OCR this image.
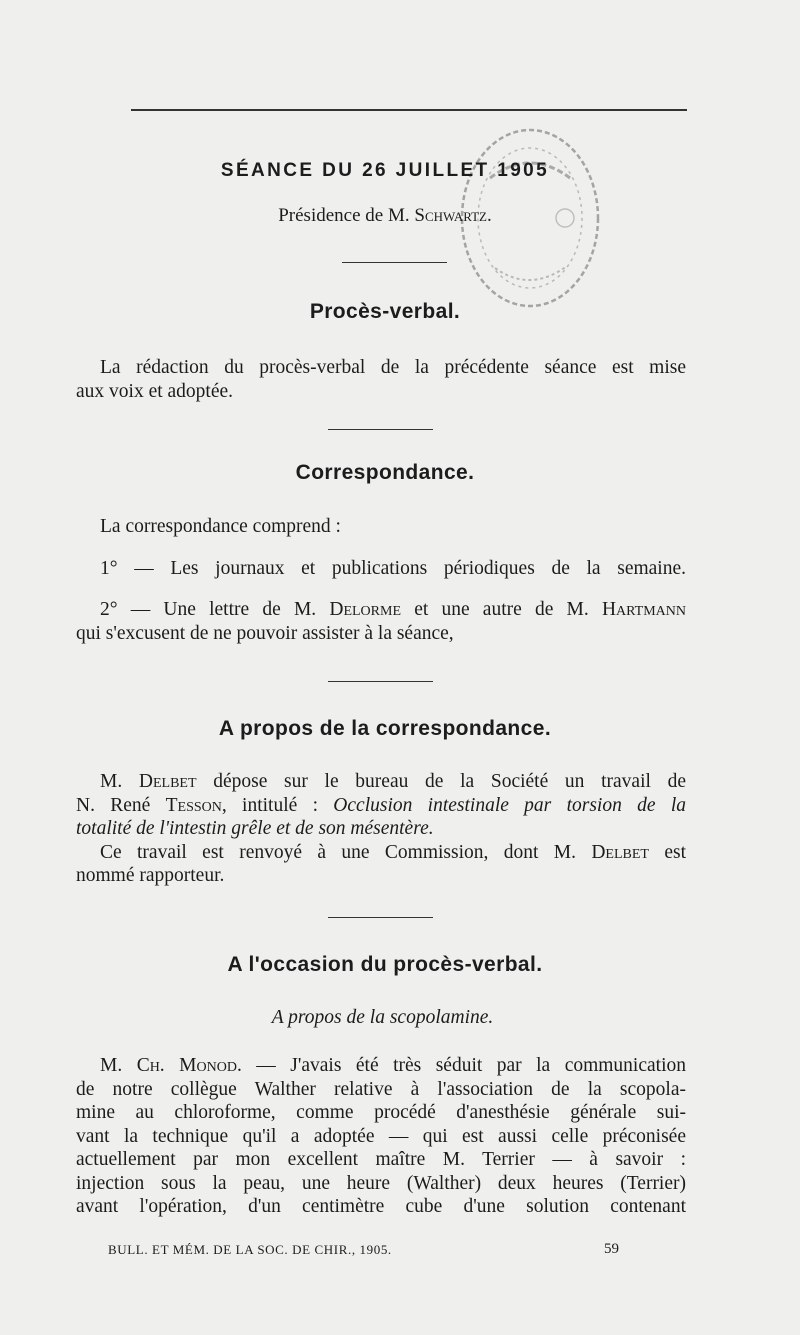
SÉANCE DU 26 JUILLET 1905
Présidence de M. Schwartz.
Procès-verbal.
La rédaction du procès-verbal de la précédente séance est mise
aux voix et adoptée.
Correspondance.
La correspondance comprend :
1° — Les journaux et publications périodiques de la semaine.
2° — Une lettre de M. Delorme et une autre de M. Hartmann
qui s'excusent de ne pouvoir assister à la séance,
A propos de la correspondance.
M. Delbet dépose sur le bureau de la Société un travail de
N. René Tesson, intitulé : Occlusion intestinale par torsion de la
totalité de l'intestin grêle et de son mésentère.
Ce travail est renvoyé à une Commission, dont M. Delbet est
nommé rapporteur.
A l'occasion du procès-verbal.
A propos de la scopolamine.
M. Ch. Monod. — J'avais été très séduit par la communication
de notre collègue Walther relative à l'association de la scopola-
mine au chloroforme, comme procédé d'anesthésie générale sui-
vant la technique qu'il a adoptée — qui est aussi celle préconisée
actuellement par mon excellent maître M. Terrier — à savoir :
injection sous la peau, une heure (Walther) deux heures (Terrier)
avant l'opération, d'un centimètre cube d'une solution contenant
BULL. ET MÉM. DE LA SOC. DE CHIR., 1905.	59
